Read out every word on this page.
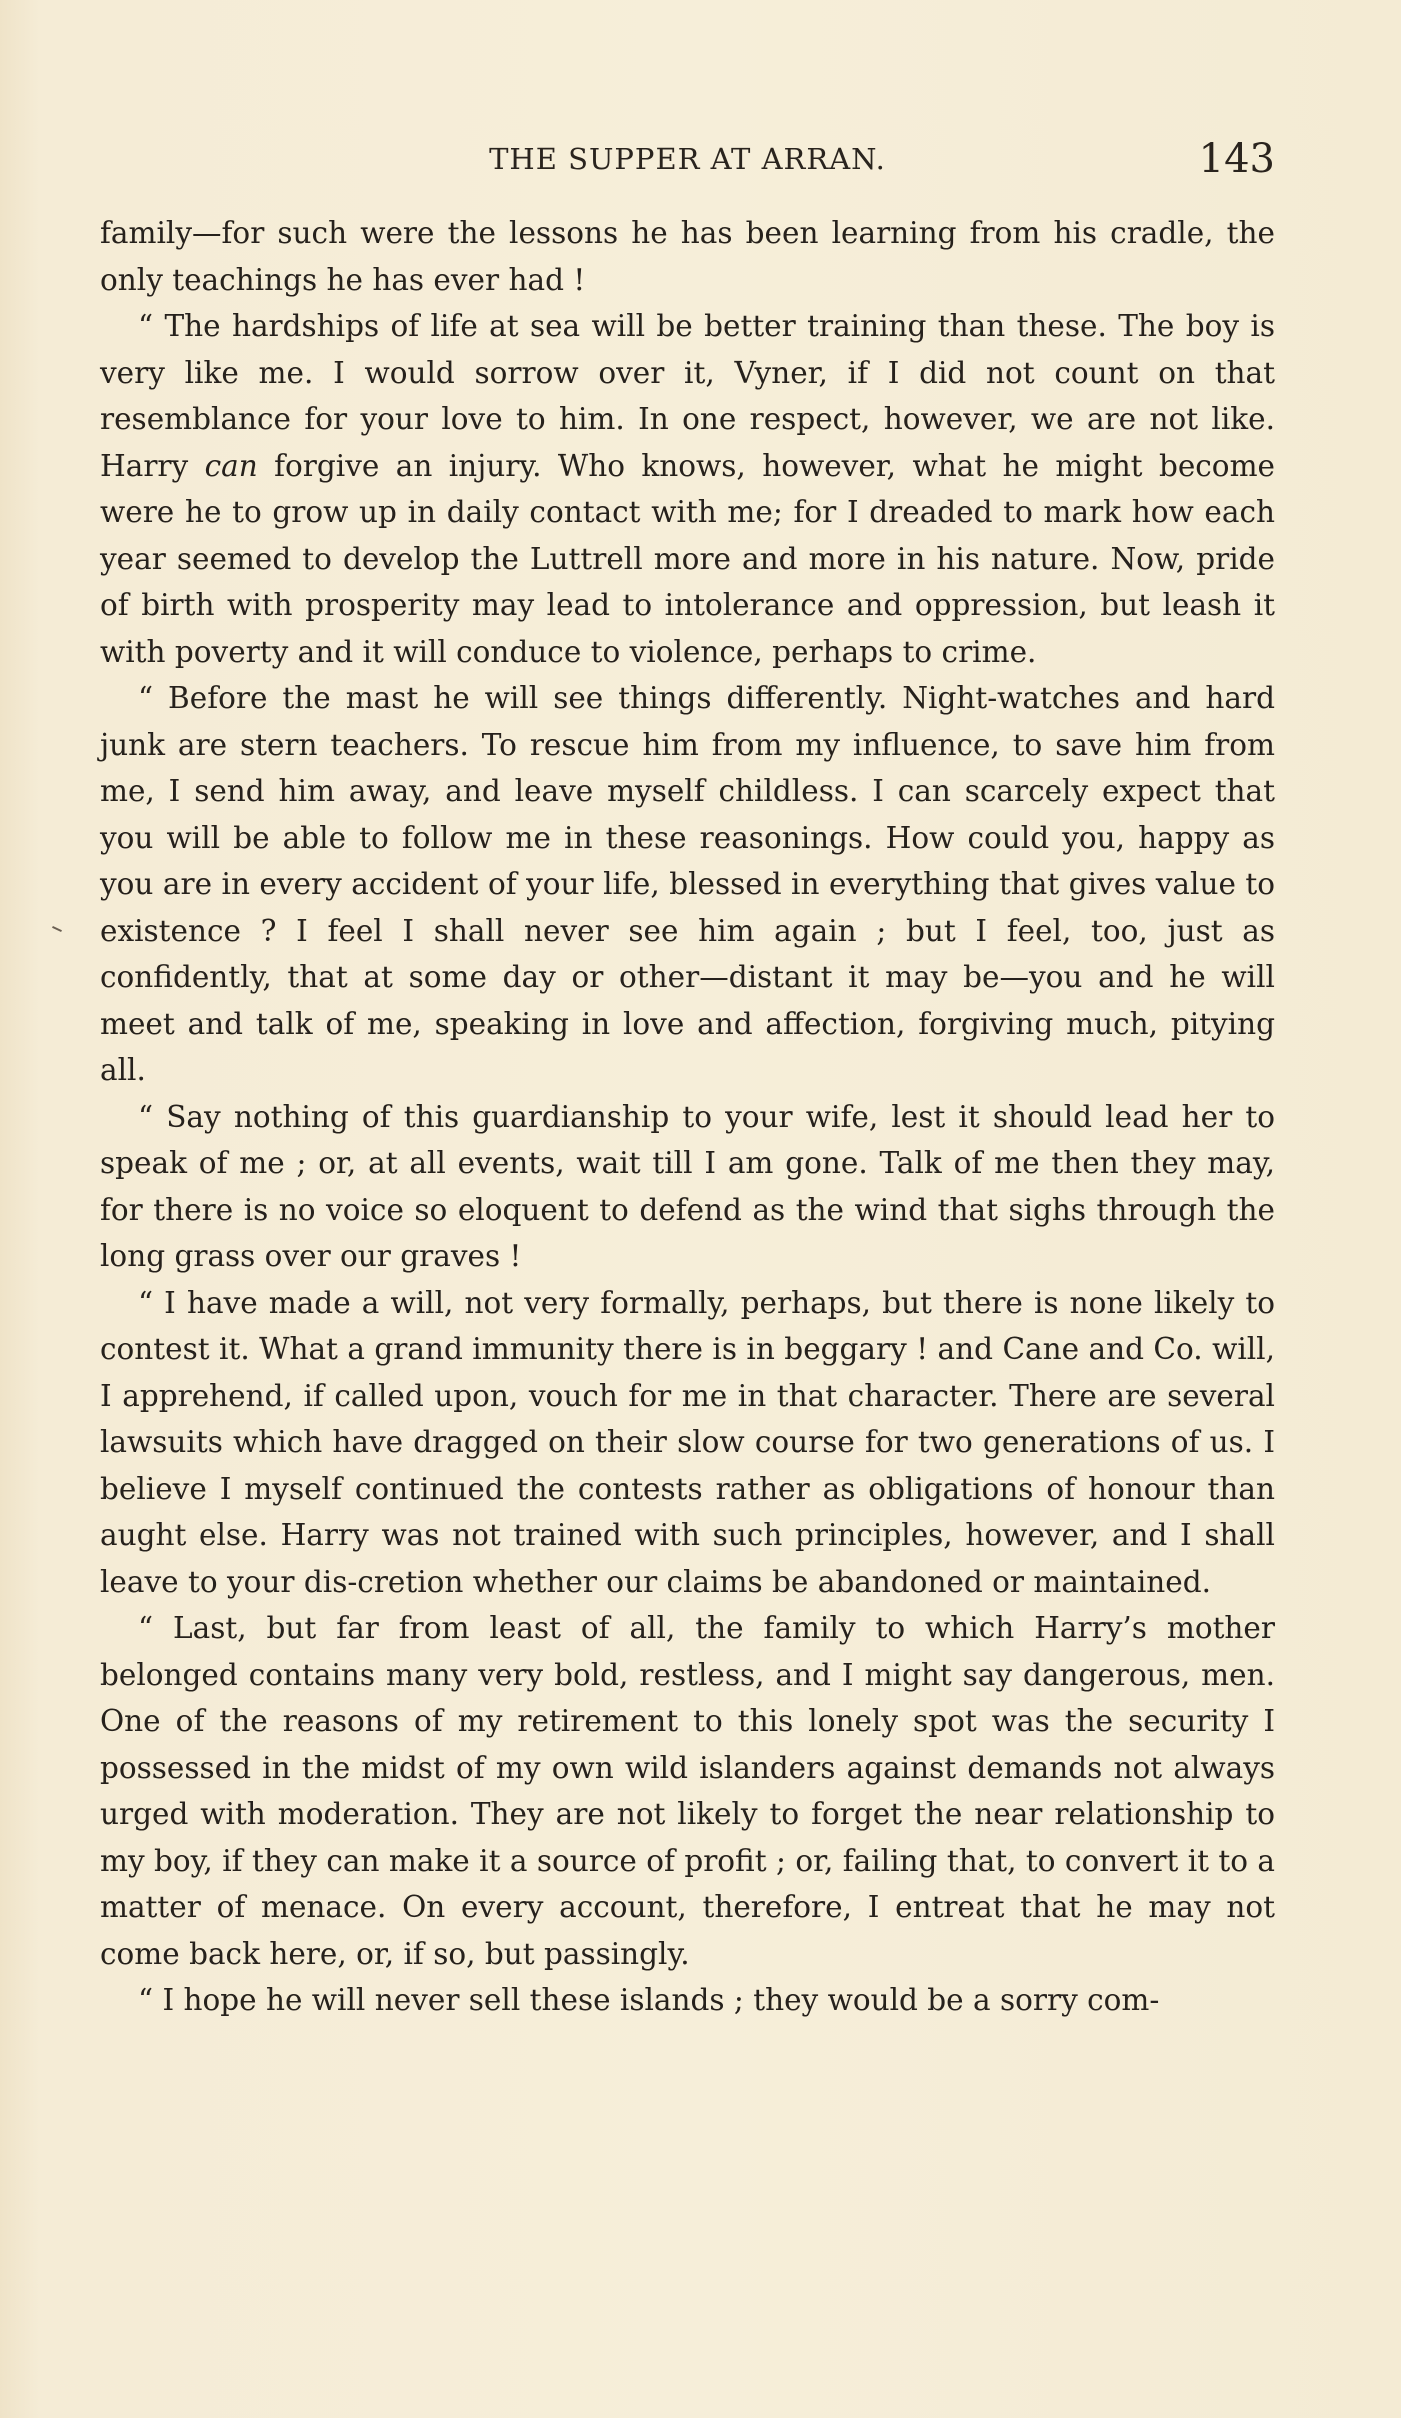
THE SUPPER AT ARRAN.	143

family—for such were the lessons he has been learning from his cradle, the only teachings he has ever had !

“ The hardships of life at sea will be better training than these. The boy is very like me. I would sorrow over it, Vyner, if I did not count on that resemblance for your love to him. In one respect, however, we are not like. Harry can forgive an injury. Who knows, however, what he might become were he to grow up in daily contact with me; for I dreaded to mark how each year seemed to develop the Luttrell more and more in his nature. Now, pride of birth with prosperity may lead to intolerance and oppression, but leash it with poverty and it will conduce to violence, perhaps to crime.

“ Before the mast he will see things differently. Night-watches and hard junk are stern teachers. To rescue him from my influence, to save him from me, I send him away, and leave myself childless. I can scarcely expect that you will be able to follow me in these reasonings. How could you, happy as you are in every accident of your life, blessed in everything that gives value to existence ? I feel I shall never see him again ; but I feel, too, just as confidently, that at some day or other—distant it may be—you and he will meet and talk of me, speaking in love and affection, forgiving much, pitying all.

“ Say nothing of this guardianship to your wife, lest it should lead her to speak of me ; or, at all events, wait till I am gone. Talk of me then they may, for there is no voice so eloquent to defend as the wind that sighs through the long grass over our graves !

“ I have made a will, not very formally, perhaps, but there is none likely to contest it. What a grand immunity there is in beggary ! and Cane and Co. will, I apprehend, if called upon, vouch for me in that character. There are several lawsuits which have dragged on their slow course for two generations of us. I believe I myself continued the contests rather as obligations of honour than aught else. Harry was not trained with such principles, however, and I shall leave to your dis-cretion whether our claims be abandoned or maintained.

“ Last, but far from least of all, the family to which Harry’s mother belonged contains many very bold, restless, and I might say dangerous, men. One of the reasons of my retirement to this lonely spot was the security I possessed in the midst of my own wild islanders against demands not always urged with moderation. They are not likely to forget the near relationship to my boy, if they can make it a source of profit ; or, failing that, to convert it to a matter of menace. On every account, therefore, I entreat that he may not come back here, or, if so, but passingly.

“ I hope he will never sell these islands ; they would be a sorry com-
